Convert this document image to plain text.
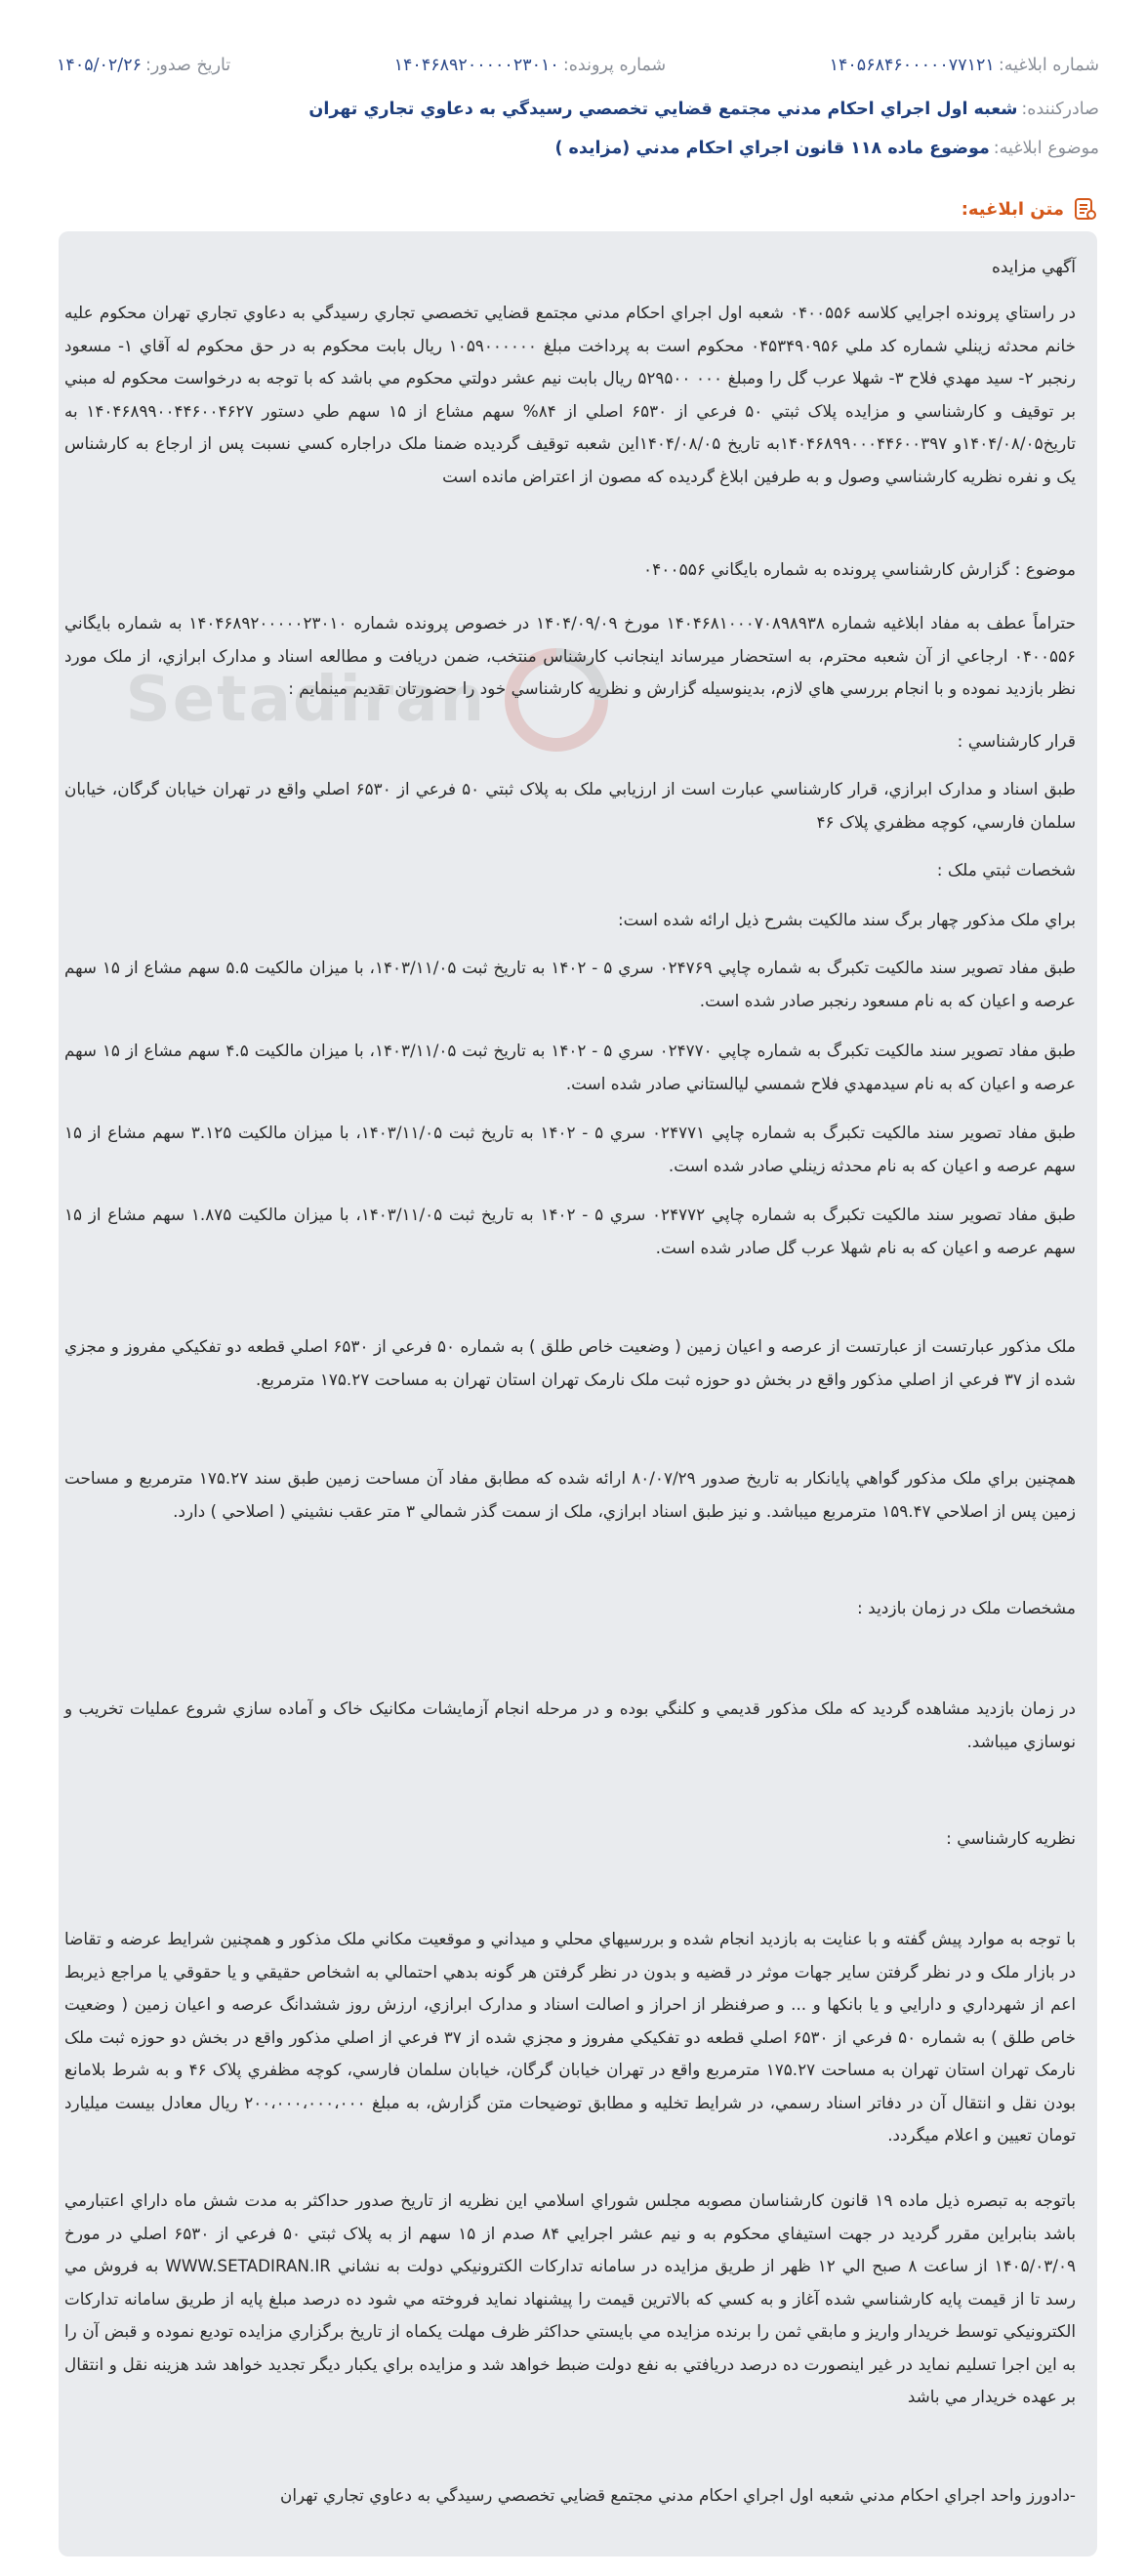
شماره ابلاغيه:
۱۴۰۵۶۸۴۶۰۰۰۰۰۷۷۱۲۱
شماره پرونده:
۱۴۰۴۶۸۹۲۰۰۰۰۰۲۳۰۱۰
تاريخ صدور:
۱۴۰۵/۰۲/۲۶
صادرکننده:
شعبه اول اجراي احکام مدني مجتمع قضايي تخصصي رسيدگي به دعاوي تجاري تهران
موضوع ابلاغيه:
موضوع ماده ۱۱۸ قانون اجراي احکام مدني (مزايده )
متن ابلاغيه:
Setadiran
آگهي مزايده
در راستاي پرونده اجرايي کلاسه ۰۴۰۰۵۵۶ شعبه اول اجراي احکام مدني مجتمع قضايي تخصصي تجاري رسيدگي به دعاوي تجاري تهران محکوم عليه خانم محدثه زينلي شماره کد ملي ۰۴۵۳۴۹۰۹۵۶ محکوم است به پرداخت مبلغ ۱۰۵۹۰۰۰۰۰۰ ريال بابت محکوم به در حق محکوم له آقاي ۱- مسعود رنجبر ۲- سيد مهدي فلاح ۳- شهلا عرب گل را ومبلغ ۰۰۰ ۵۲۹۵۰۰ ريال بابت نيم عشر دولتي محکوم مي باشد که با توجه به درخواست محکوم له مبني بر توقيف و کارشناسي و مزايده پلاک ثبتي ۵۰ فرعي از ۶۵۳۰ اصلي از ۸۴% سهم مشاع از ۱۵ سهم طي دستور ۱۴۰۴۶۸۹۹۰۰۴۴۶۰۰۴۶۲۷ به تاريخ۱۴۰۴/۰۸/۰۵و ۱۴۰۴۶۸۹۹۰۰۰۴۴۶۰۰۳۹۷به تاريخ ۱۴۰۴/۰۸/۰۵اين شعبه توقيف گرديده ضمنا ملک دراجاره کسي نسبت پس از ارجاع به کارشناس يک و نفره نظريه کارشناسي وصول و به طرفين ابلاغ گرديده که مصون از اعتراض مانده است
موضوع : گزارش کارشناسي پرونده به شماره بايگاني ۰۴۰۰۵۵۶
حتراماً عطف به مفاد ابلاغيه شماره ۱۴۰۴۶۸۱۰۰۰۷۰۸۹۸۹۳۸ مورخ ۱۴۰۴/۰۹/۰۹ در خصوص پرونده شماره ۱۴۰۴۶۸۹۲۰۰۰۰۰۲۳۰۱۰ به شماره بايگاني ۰۴۰۰۵۵۶ ارجاعي از آن شعبه محترم، به استحضار ميرساند اينجانب کارشناس منتخب، ضمن دريافت و مطالعه اسناد و مدارک ابرازي، از ملک مورد نظر بازديد نموده و با انجام بررسي هاي لازم، بدينوسيله گزارش و نظريه کارشناسي خود را حضورتان تقديم مينمايم :
قرار کارشناسي :
طبق اسناد و مدارک ابرازي، قرار کارشناسي عبارت است از ارزيابي ملک به پلاک ثبتي ۵۰ فرعي از ۶۵۳۰ اصلي واقع در تهران خيابان گرگان، خيابان سلمان فارسي، کوچه مظفري پلاک ۴۶
شخصات ثبتي ملک :
براي ملک مذکور چهار برگ سند مالکيت بشرح ذيل ارائه شده است:
طبق مفاد تصوير سند مالکيت تکبرگ به شماره چاپي ۰۲۴۷۶۹ سري ۵ - ۱۴۰۲ به تاريخ ثبت ۱۴۰۳/۱۱/۰۵، با ميزان مالکيت ۵.۵ سهم مشاع از ۱۵ سهم عرصه و اعيان که به نام مسعود رنجبر صادر شده است.
طبق مفاد تصوير سند مالکيت تکبرگ به شماره چاپي ۰۲۴۷۷۰ سري ۵ - ۱۴۰۲ به تاريخ ثبت ۱۴۰۳/۱۱/۰۵، با ميزان مالکيت ۴.۵ سهم مشاع از ۱۵ سهم عرصه و اعيان که به نام سيدمهدي فلاح شمسي ليالستاني صادر شده است.
طبق مفاد تصوير سند مالکيت تکبرگ به شماره چاپي ۰۲۴۷۷۱ سري ۵ - ۱۴۰۲ به تاريخ ثبت ۱۴۰۳/۱۱/۰۵، با ميزان مالکيت ۳.۱۲۵ سهم مشاع از ۱۵ سهم عرصه و اعيان که به نام محدثه زينلي صادر شده است.
طبق مفاد تصوير سند مالکيت تکبرگ به شماره چاپي ۰۲۴۷۷۲ سري ۵ - ۱۴۰۲ به تاريخ ثبت ۱۴۰۳/۱۱/۰۵، با ميزان مالکيت ۱.۸۷۵ سهم مشاع از ۱۵ سهم عرصه و اعيان که به نام شهلا عرب گل صادر شده است.
ملک مذکور عبارتست از عبارتست از عرصه و اعيان زمين ( وضعيت خاص طلق ) به شماره ۵۰ فرعي از ۶۵۳۰ اصلي قطعه دو تفکيکي مفروز و مجزي شده از ۳۷ فرعي از اصلي مذکور واقع در بخش دو حوزه ثبت ملک نارمک تهران استان تهران به مساحت ۱۷۵.۲۷ مترمربع.
همچنين براي ملک مذکور گواهي پايانکار به تاريخ صدور ۸۰/۰۷/۲۹ ارائه شده که مطابق مفاد آن مساحت زمين طبق سند ۱۷۵.۲۷ مترمربع و مساحت زمين پس از اصلاحي ۱۵۹.۴۷ مترمربع ميباشد. و نيز طبق اسناد ابرازي، ملک از سمت گذر شمالي ۳ متر عقب نشيني ( اصلاحي ) دارد.
مشخصات ملک در زمان بازديد :
در زمان بازديد مشاهده گرديد که ملک مذکور قديمي و کلنگي بوده و در مرحله انجام آزمايشات مکانيک خاک و آماده سازي شروع عمليات تخريب و نوسازي ميباشد.
نظريه کارشناسي :
با توجه به موارد پيش گفته و با عنايت به بازديد انجام شده و بررسيهاي محلي و ميداني و موقعيت مکاني ملک مذکور و همچنين شرايط عرضه و تقاضا در بازار ملک و در نظر گرفتن ساير جهات موثر در قضيه و بدون در نظر گرفتن هر گونه بدهي احتمالي به اشخاص حقيقي و يا حقوقي يا مراجع ذيربط اعم از شهرداري و دارايي و يا بانکها و ... و صرفنظر از احراز و اصالت اسناد و مدارک ابرازي، ارزش روز ششدانگ عرصه و اعيان زمين ( وضعيت خاص طلق ) به شماره ۵۰ فرعي از ۶۵۳۰ اصلي قطعه دو تفکيکي مفروز و مجزي شده از ۳۷ فرعي از اصلي مذکور واقع در بخش دو حوزه ثبت ملک نارمک تهران استان تهران به مساحت ۱۷۵.۲۷ مترمربع واقع در تهران خيابان گرگان، خيابان سلمان فارسي، کوچه مظفري پلاک ۴۶ و به شرط بلامانع بودن نقل و انتقال آن در دفاتر اسناد رسمي، در شرايط تخليه و مطابق توضيحات متن گزارش، به مبلغ ۲۰۰،۰۰۰،۰۰۰،۰۰۰ ريال معادل بيست ميليارد تومان تعيين و اعلام ميگردد.
باتوجه به تبصره ذيل ماده ۱۹ قانون کارشناسان مصوبه مجلس شوراي اسلامي اين نظريه از تاريخ صدور حداکثر به مدت شش ماه داراي اعتبارمي باشد بنابراين مقرر گرديد در جهت استيفاي محکوم به و نيم عشر اجرايي ۸۴ صدم از ۱۵ سهم از به پلاک ثبتي ۵۰ فرعي از ۶۵۳۰ اصلي در مورخ ۱۴۰۵/۰۳/۰۹ از ساعت ۸ صبح الي ۱۲ ظهر از طريق مزايده در سامانه تدارکات الکترونيکي دولت به نشاني WWW.SETADIRAN.IR به فروش مي رسد تا از قيمت پايه کارشناسي شده آغاز و به کسي که بالاترين قيمت را پيشنهاد نمايد فروخته مي شود ده درصد مبلغ پايه از طريق سامانه تدارکات الکترونيکي توسط خريدار واريز و مابقي ثمن را برنده مزايده مي بايستي حداکثر ظرف مهلت يکماه از تاريخ برگزاري مزايده توديع نموده و قبض آن را به اين اجرا تسليم نمايد در غير اينصورت ده درصد دريافتي به نفع دولت ضبط خواهد شد و مزايده براي يکبار ديگر تجديد خواهد شد هزينه نقل و انتقال بر عهده خريدار مي باشد
-دادورز واحد اجراي احکام مدني شعبه اول اجراي احکام مدني مجتمع قضايي تخصصي رسيدگي به دعاوي تجاري تهران
